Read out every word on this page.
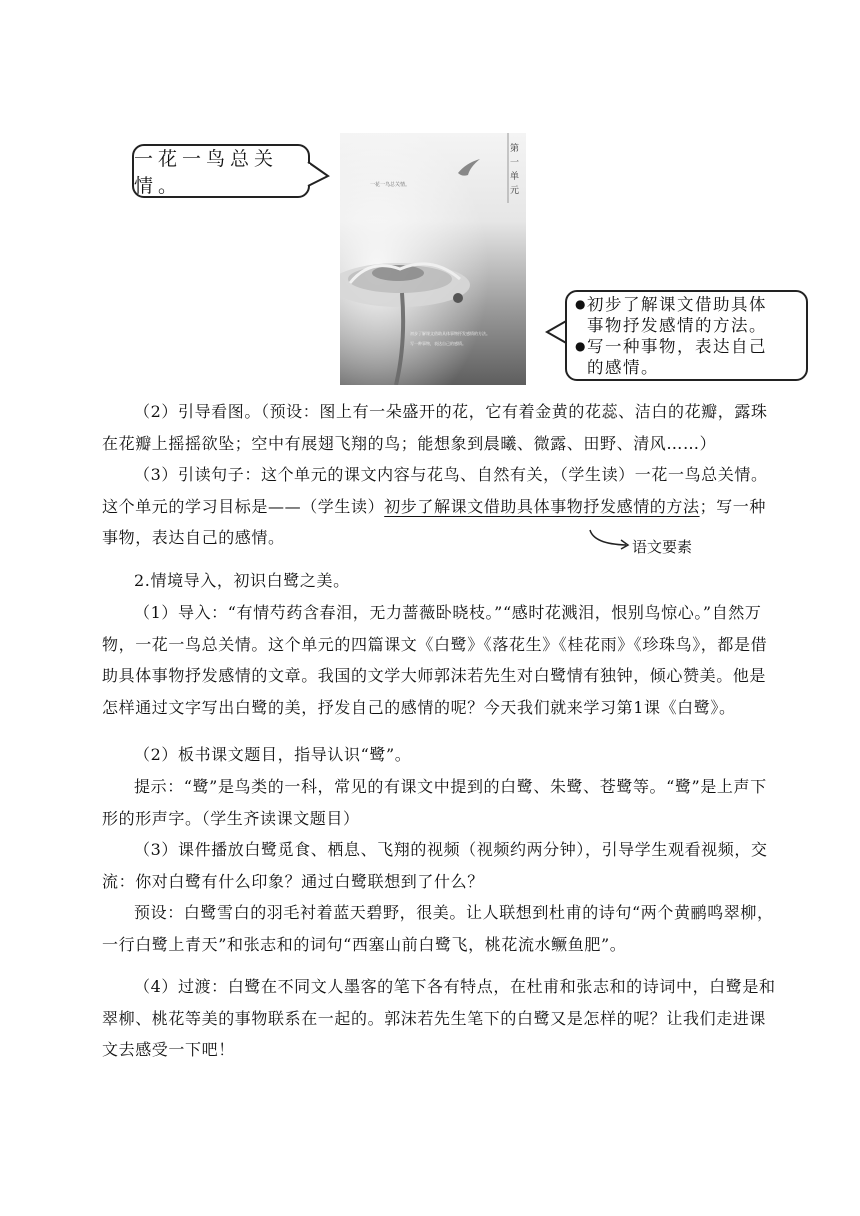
一花一鸟总关情。
第
一
单
元
一花一鸟总关情。
初步了解课文借助具体事物抒发感情的方法。
写一种事物，表达自己的感情。
● 初步了解课文借助具体
事物抒发感情的方法。
● 写一种事物，表达自己
的感情。
（2）引导看图。（预设：图上有一朵盛开的花，它有着金黄的花蕊、洁白的花瓣，露珠在花瓣上摇摇欲坠；空中有展翅飞翔的鸟；能想象到晨曦、微露、田野、清风……）
（3）引读句子：这个单元的课文内容与花鸟、自然有关，（学生读）一花一鸟总关情。这个单元的学习目标是——（学生读）初步了解课文借助具体事物抒发感情的方法；写一种事物，表达自己的感情。	语文要素
2.情境导入，初识白鹭之美。
（1）导入：“有情芍药含春泪，无力蔷薇卧晓枝。”“感时花溅泪，恨别鸟惊心。”自然万物，一花一鸟总关情。这个单元的四篇课文《白鹭》《落花生》《桂花雨》《珍珠鸟》，都是借助具体事物抒发感情的文章。我国的文学大师郭沫若先生对白鹭情有独钟，倾心赞美。他是怎样通过文字写出白鹭的美，抒发自己的感情的呢？今天我们就来学习第1课《白鹭》。
（2）板书课文题目，指导认识“鹭”。
提示：“鹭”是鸟类的一科，常见的有课文中提到的白鹭、朱鹭、苍鹭等。“鹭”是上声下形的形声字。（学生齐读课文题目）
（3）课件播放白鹭觅食、栖息、飞翔的视频（视频约两分钟），引导学生观看视频，交流：你对白鹭有什么印象？通过白鹭联想到了什么？
预设：白鹭雪白的羽毛衬着蓝天碧野，很美。让人联想到杜甫的诗句“两个黄鹂鸣翠柳，一行白鹭上青天”和张志和的词句“西塞山前白鹭飞，桃花流水鳜鱼肥”。
（4）过渡：白鹭在不同文人墨客的笔下各有特点，在杜甫和张志和的诗词中，白鹭是和翠柳、桃花等美的事物联系在一起的。郭沫若先生笔下的白鹭又是怎样的呢？让我们走进课文去感受一下吧！
